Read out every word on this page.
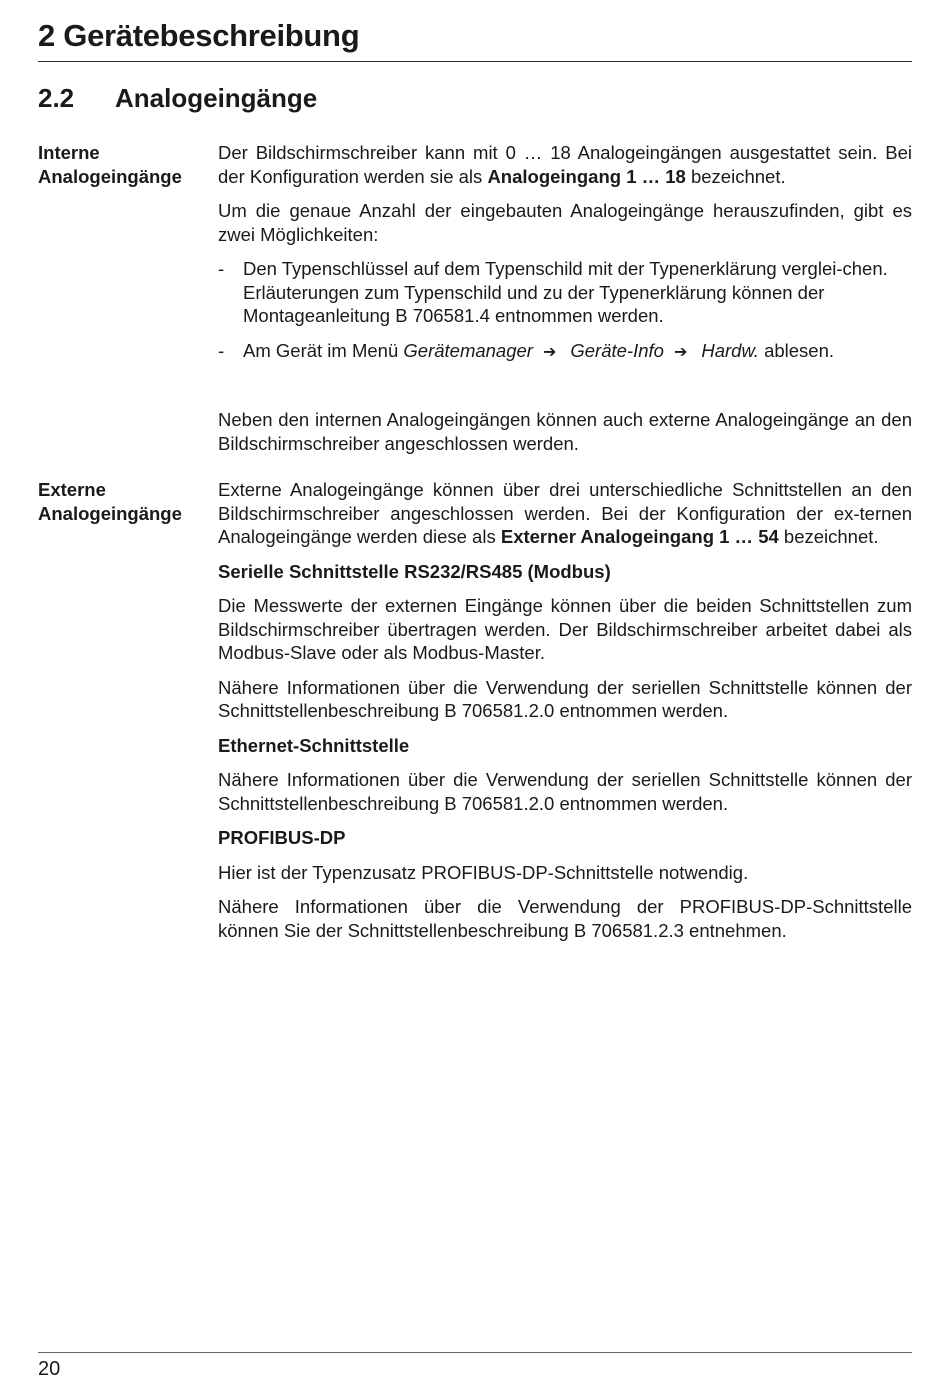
2 Gerätebeschreibung
2.2 Analogeingänge
Interne
Analogeingänge

Der Bildschirmschreiber kann mit 0 … 18 Analogeingängen ausgestattet sein. Bei der Konfiguration werden sie als Analogeingang 1 … 18 bezeichnet.

Um die genaue Anzahl der eingebauten Analogeingänge herauszufinden, gibt es zwei Möglichkeiten:

- Den Typenschlüssel auf dem Typenschild mit der Typenerklärung verglei-chen. Erläuterungen zum Typenschild und zu der Typenerklärung können der Montageanleitung B 706581.4 entnommen werden.
- Am Gerät im Menü Gerätemanager ➔ Geräte-Info ➔ Hardw. ablesen.

Neben den internen Analogeingängen können auch externe Analogeingänge an den Bildschirmschreiber angeschlossen werden.

Externe
Analogeingänge

Externe Analogeingänge können über drei unterschiedliche Schnittstellen an den Bildschirmschreiber angeschlossen werden. Bei der Konfiguration der ex-ternen Analogeingänge werden diese als Externer Analogeingang 1 … 54 bezeichnet.

Serielle Schnittstelle RS232/RS485 (Modbus)

Die Messwerte der externen Eingänge können über die beiden Schnittstellen zum Bildschirmschreiber übertragen werden. Der Bildschirmschreiber arbeitet dabei als Modbus-Slave oder als Modbus-Master.

Nähere Informationen über die Verwendung der seriellen Schnittstelle können der Schnittstellenbeschreibung B 706581.2.0 entnommen werden.

Ethernet-Schnittstelle

Nähere Informationen über die Verwendung der seriellen Schnittstelle können der Schnittstellenbeschreibung B 706581.2.0 entnommen werden.

PROFIBUS-DP

Hier ist der Typenzusatz PROFIBUS-DP-Schnittstelle notwendig.

Nähere Informationen über die Verwendung der PROFIBUS-DP-Schnittstelle können Sie der Schnittstellenbeschreibung B 706581.2.3 entnehmen.

20
